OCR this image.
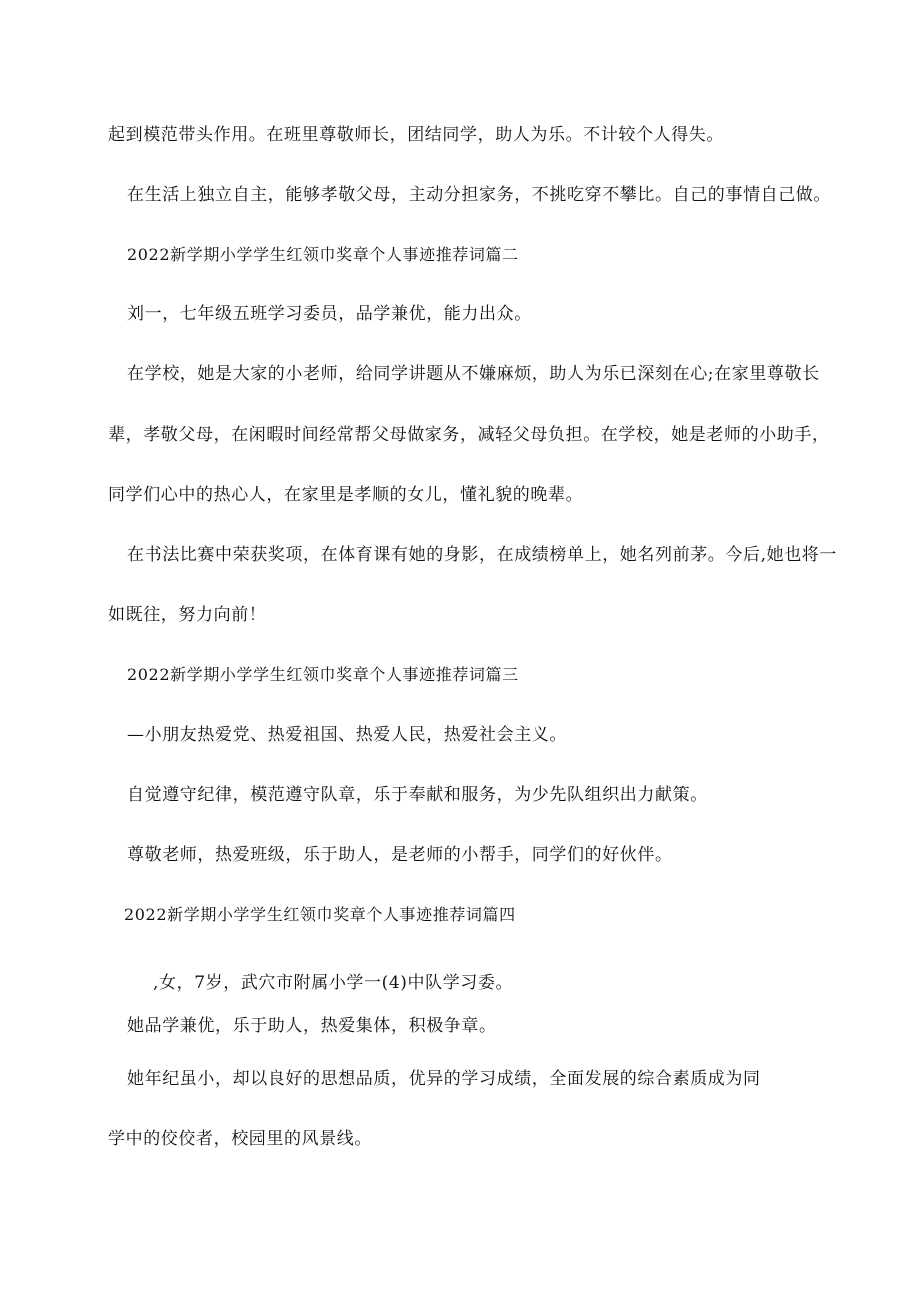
起到模范带头作用。在班里尊敬师长，团结同学，助人为乐。不计较个人得失。
在生活上独立自主，能够孝敬父母，主动分担家务，不挑吃穿不攀比。自己的事情自己做。
2022新学期小学学生红领巾奖章个人事迹推荐词篇二
刘一，七年级五班学习委员，品学兼优，能力出众。
在学校，她是大家的小老师，给同学讲题从不嫌麻烦，助人为乐已深刻在心;在家里尊敬长
辈，孝敬父母，在闲暇时间经常帮父母做家务，减轻父母负担。在学校，她是老师的小助手，
同学们心中的热心人，在家里是孝顺的女儿，懂礼貌的晚辈。
在书法比赛中荣获奖项，在体育课有她的身影，在成绩榜单上，她名列前茅。今后,她也将一
如既往，努力向前！
2022新学期小学学生红领巾奖章个人事迹推荐词篇三
—小朋友热爱党、热爱祖国、热爱人民，热爱社会主义。
自觉遵守纪律，模范遵守队章，乐于奉献和服务，为少先队组织出力献策。
尊敬老师，热爱班级，乐于助人，是老师的小帮手，同学们的好伙伴。
2022新学期小学学生红领巾奖章个人事迹推荐词篇四
,女，7岁，武穴市附属小学一(4)中队学习委。
她品学兼优，乐于助人，热爱集体，积极争章。
她年纪虽小，却以良好的思想品质，优异的学习成绩，全面发展的综合素质成为同
学中的佼佼者，校园里的风景线。
